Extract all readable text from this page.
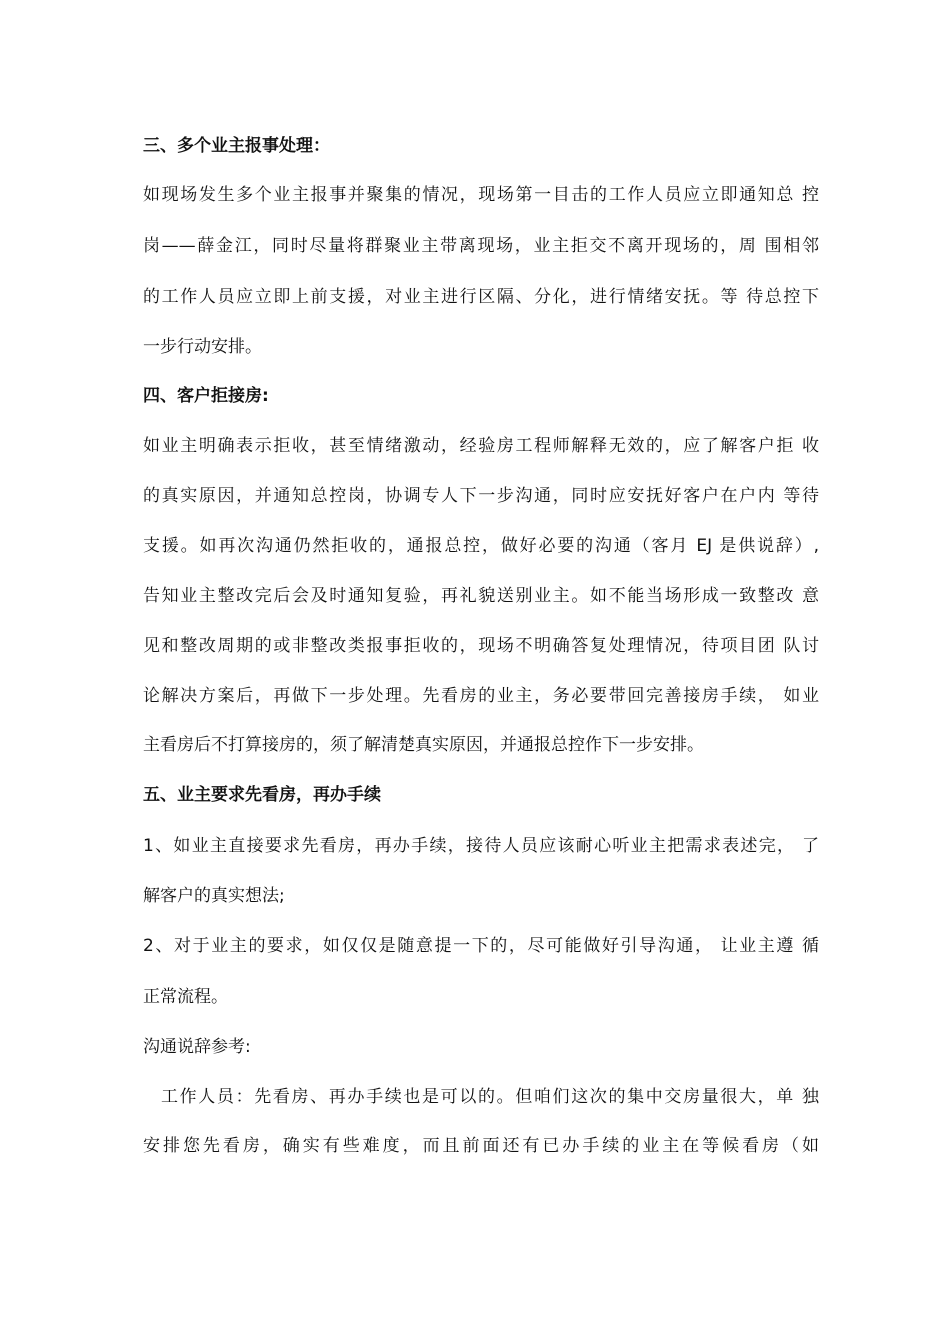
三、多个业主报事处理：
如现场发生多个业主报事并聚集的情况，现场第一目击的工作人员应立即通知总 控
岗——薛金江，同时尽量将群聚业主带离现场，业主拒交不离开现场的，周 围相邻
的工作人员应立即上前支援，对业主进行区隔、分化，进行情绪安抚。等 待总控下
一步行动安排。
四、客户拒接房:
如业主明确表示拒收，甚至情绪激动，经验房工程师解释无效的，应了解客户拒 收
的真实原因，并通知总控岗，协调专人下一步沟通，同时应安抚好客户在户内 等待
支援。如再次沟通仍然拒收的，通报总控，做好必要的沟通（客月 EJ 是供说辞）,
告知业主整改完后会及时通知复验，再礼貌送别业主。如不能当场形成一致整改 意
见和整改周期的或非整改类报事拒收的，现场不明确答复处理情况，待项目团 队讨
论解决方案后，再做下一步处理。先看房的业主，务必要带回完善接房手续， 如业
主看房后不打算接房的，须了解清楚真实原因，并通报总控作下一步安排。
五、业主要求先看房，再办手续
1、如业主直接要求先看房，再办手续，接待人员应该耐心听业主把需求表述完， 了
解客户的真实想法;
2、对于业主的要求，如仅仅是随意提一下的，尽可能做好引导沟通， 让业主遵 循
正常流程。
沟通说辞参考:
工作人员：先看房、再办手续也是可以的。但咱们这次的集中交房量很大，单 独
安排您先看房，确实有些难度，而且前面还有已办手续的业主在等候看房（如
